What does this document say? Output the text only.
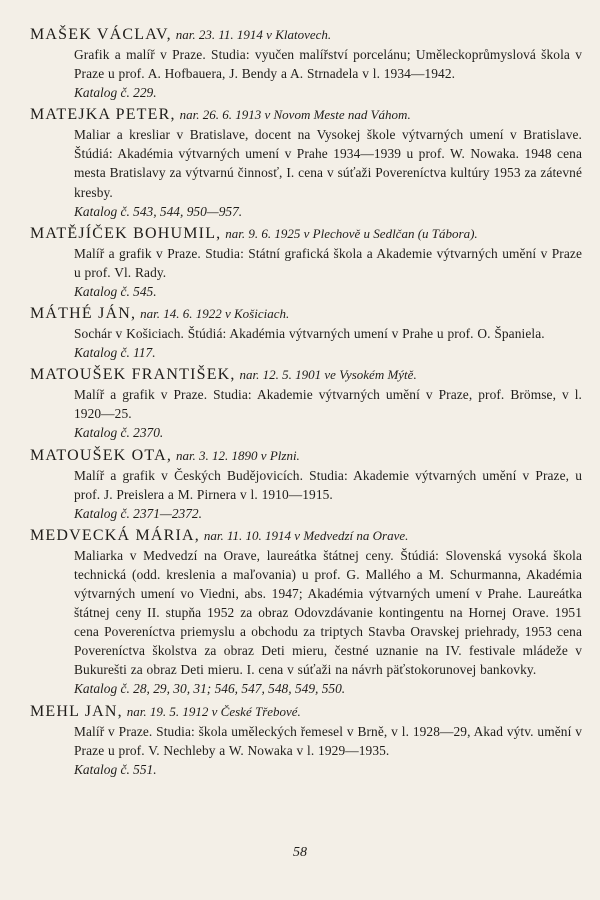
MAŠEK VÁCLAV, nar. 23. 11. 1914 v Klatovech.
Grafik a malíř v Praze. Studia: vyučen malířství porcelánu; Uměleckoprůmyslová škola v Praze u prof. A. Hofbauera, J. Bendy a A. Strnadela v l. 1934—1942.
Katalog č. 229.
MATEJKA PETER, nar. 26. 6. 1913 v Novom Meste nad Váhom.
Maliar a kresliar v Bratislave, docent na Vysokej škole výtvarných umení v Bratislave. Štúdiá: Akadémia výtvarných umení v Prahe 1934—1939 u prof. W. Nowaka. 1948 cena mesta Bratislavy za výtvarnú činnosť, I. cena v súťaži Povereníctva kultúry 1953 za zátevné kresby.
Katalog č. 543, 544, 950—957.
MATĚJÍČEK BOHUMIL, nar. 9. 6. 1925 v Plechově u Sedlčan (u Tábora).
Malíř a grafik v Praze. Studia: Státní grafická škola a Akademie výtvarných umění v Praze u prof. Vl. Rady.
Katalog č. 545.
MÁTHÉ JÁN, nar. 14. 6. 1922 v Košiciach.
Sochár v Košiciach. Štúdiá: Akadémia výtvarných umení v Prahe u prof. O. Španiela.
Katalog č. 117.
MATOUŠEK FRANTIŠEK, nar. 12. 5. 1901 ve Vysokém Mýtě.
Malíř a grafik v Praze. Studia: Akademie výtvarných umění v Praze, prof. Brömse, v l. 1920—25.
Katalog č. 2370.
MATOUŠEK OTA, nar. 3. 12. 1890 v Plzni.
Malíř a grafik v Českých Budějovicích. Studia: Akademie výtvarných umění v Praze, u prof. J. Preislera a M. Pirnera v l. 1910—1915.
Katalog č. 2371—2372.
MEDVECKÁ MÁRIA, nar. 11. 10. 1914 v Medvedzí na Orave.
Maliarka v Medvedzí na Orave, laureátka štátnej ceny. Štúdiá: Slovenská vysoká škola technická (odd. kreslenia a maľovania) u prof. G. Mallého a M. Schurmanna, Akadémia výtvarných umení vo Viedni, abs. 1947; Akadémia výtvarných umení v Prahe. Laureátka štátnej ceny II. stupňa 1952 za obraz Odovzdávanie kontingentu na Hornej Orave. 1951 cena Povereníctva priemyslu a obchodu za triptych Stavba Oravskej priehrady, 1953 cena Povereníctva školstva za obraz Deti mieru, čestné uznanie na IV. festivale mládeže v Bukurešti za obraz Deti mieru. I. cena v súťaži na návrh päťstokorunovej bankovky.
Katalog č. 28, 29, 30, 31; 546, 547, 548, 549, 550.
MEHL JAN, nar. 19. 5. 1912 v České Třebové.
Malíř v Praze. Studia: škola uměleckých řemesel v Brně, v l. 1928—29, Akad výtv. umění v Praze u prof. V. Nechleby a W. Nowaka v l. 1929—1935.
Katalog č. 551.
58
